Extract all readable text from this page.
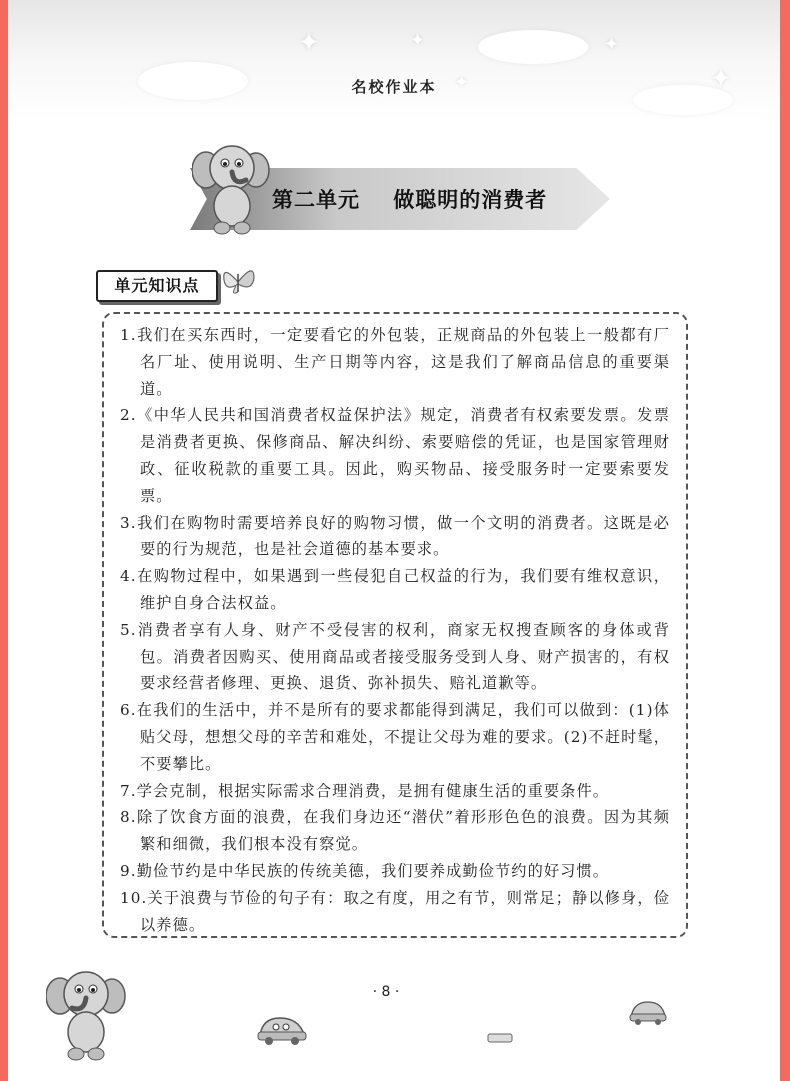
✦	✦
✦
✦
✦
名校作业本
第二单元    做聪明的消费者
单元知识点
1.我们在买东西时，一定要看它的外包装，正规商品的外包装上一般都有厂名厂址、使用说明、生产日期等内容，这是我们了解商品信息的重要渠道。
2.《中华人民共和国消费者权益保护法》规定，消费者有权索要发票。发票是消费者更换、保修商品、解决纠纷、索要赔偿的凭证，也是国家管理财政、征收税款的重要工具。因此，购买物品、接受服务时一定要索要发票。
3.我们在购物时需要培养良好的购物习惯，做一个文明的消费者。这既是必要的行为规范，也是社会道德的基本要求。
4.在购物过程中，如果遇到一些侵犯自己权益的行为，我们要有维权意识，维护自身合法权益。
5.消费者享有人身、财产不受侵害的权利，商家无权搜查顾客的身体或背包。消费者因购买、使用商品或者接受服务受到人身、财产损害的，有权要求经营者修理、更换、退货、弥补损失、赔礼道歉等。
6.在我们的生活中，并不是所有的要求都能得到满足，我们可以做到：(1)体贴父母，想想父母的辛苦和难处，不提让父母为难的要求。(2)不赶时髦，不要攀比。
7.学会克制，根据实际需求合理消费，是拥有健康生活的重要条件。
8.除了饮食方面的浪费，在我们身边还“潜伏”着形形色色的浪费。因为其频繁和细微，我们根本没有察觉。
9.勤俭节约是中华民族的传统美德，我们要养成勤俭节约的好习惯。
10.关于浪费与节俭的句子有：取之有度，用之有节，则常足；静以修身，俭以养德。
· 8 ·
